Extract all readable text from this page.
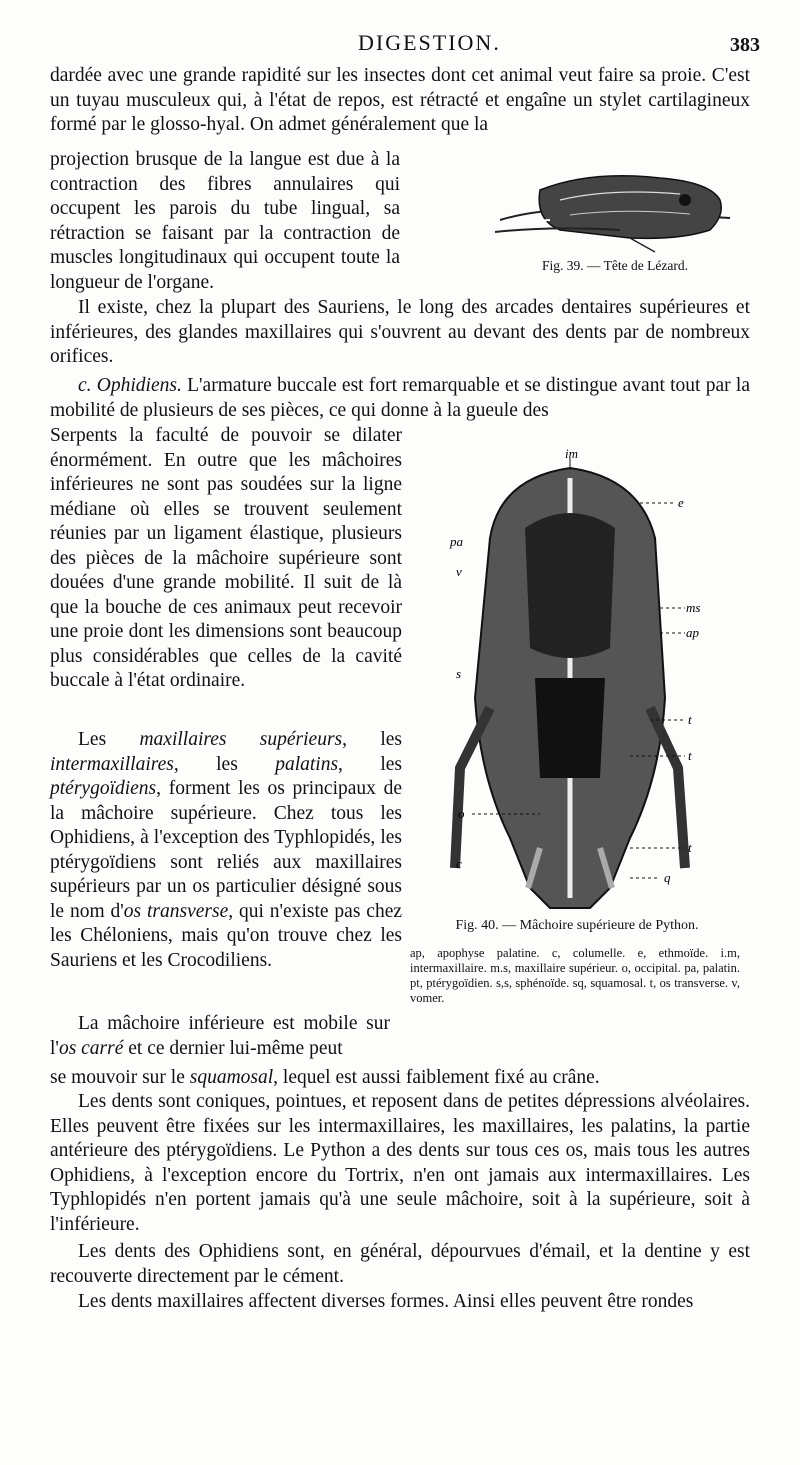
DIGESTION.	383

dardée avec une grande rapidité sur les insectes dont cet animal veut faire sa proie. C'est un tuyau musculeux qui, à l'état de repos, est rétracté et engaîne un stylet cartilagineux formé par le glosso-hyal. On admet généralement que la

projection brusque de la langue est due à la contraction des fibres annulaires qui occupent les parois du tube lingual, sa rétraction se faisant par la contraction de muscles longitudinaux qui occupent toute la longueur de l'organe.

Fig. 39. — Tête de Lézard.

Il existe, chez la plupart des Sauriens, le long des arcades dentaires supérieures et inférieures, des glandes maxillaires qui s'ouvrent au devant des dents par de nombreux orifices.

c. Ophidiens. L'armature buccale est fort remarquable et se distingue avant tout par la mobilité de plusieurs de ses pièces, ce qui donne à la gueule des

Serpents la faculté de pouvoir se dilater énormément. En outre que les mâchoires inférieures ne sont pas soudées sur la ligne médiane où elles se trouvent seulement réunies par un ligament élastique, plusieurs des pièces de la mâchoire supérieure sont douées d'une grande mobilité. Il suit de là que la bouche de ces animaux peut recevoir une proie dont les dimensions sont beaucoup plus considérables que celles de la cavité buccale à l'état ordinaire.

Les maxillaires supérieurs, les intermaxillaires, les palatins, les ptérygoïdiens, forment les os principaux de la mâchoire supérieure. Chez tous les Ophidiens, à l'exception des Typhlopidés, les ptérygoïdiens sont reliés aux maxillaires supérieurs par un os particulier désigné sous le nom d'os transverse, qui n'existe pas chez les Chéloniens, mais qu'on trouve chez les Sauriens et les Crocodiliens.

La mâchoire inférieure est mobile sur l'os carré et ce dernier lui-même peut

se mouvoir sur le squamosal, lequel est aussi faiblement fixé au crâne.

im
e
pa
v
ms
ap
s
t
t
o
c
t
q
Fig. 40. — Mâchoire supérieure de Python.
ap, apophyse palatine. c, columelle. e, ethmoïde. i.m, intermaxillaire. m.s, maxillaire supérieur. o, occipital. pa, palatin. pt, ptérygoïdien. s,s, sphénoïde. sq, squamosal. t, os transverse. v, vomer.

Les dents sont coniques, pointues, et reposent dans de petites dépressions alvéolaires. Elles peuvent être fixées sur les intermaxillaires, les maxillaires, les palatins, la partie antérieure des ptérygoïdiens. Le Python a des dents sur tous ces os, mais tous les autres Ophidiens, à l'exception encore du Tortrix, n'en ont jamais aux intermaxillaires. Les Typhlopidés n'en portent jamais qu'à une seule mâchoire, soit à la supérieure, soit à l'inférieure.

Les dents des Ophidiens sont, en général, dépourvues d'émail, et la dentine y est recouverte directement par le cément.

Les dents maxillaires affectent diverses formes. Ainsi elles peuvent être rondes
